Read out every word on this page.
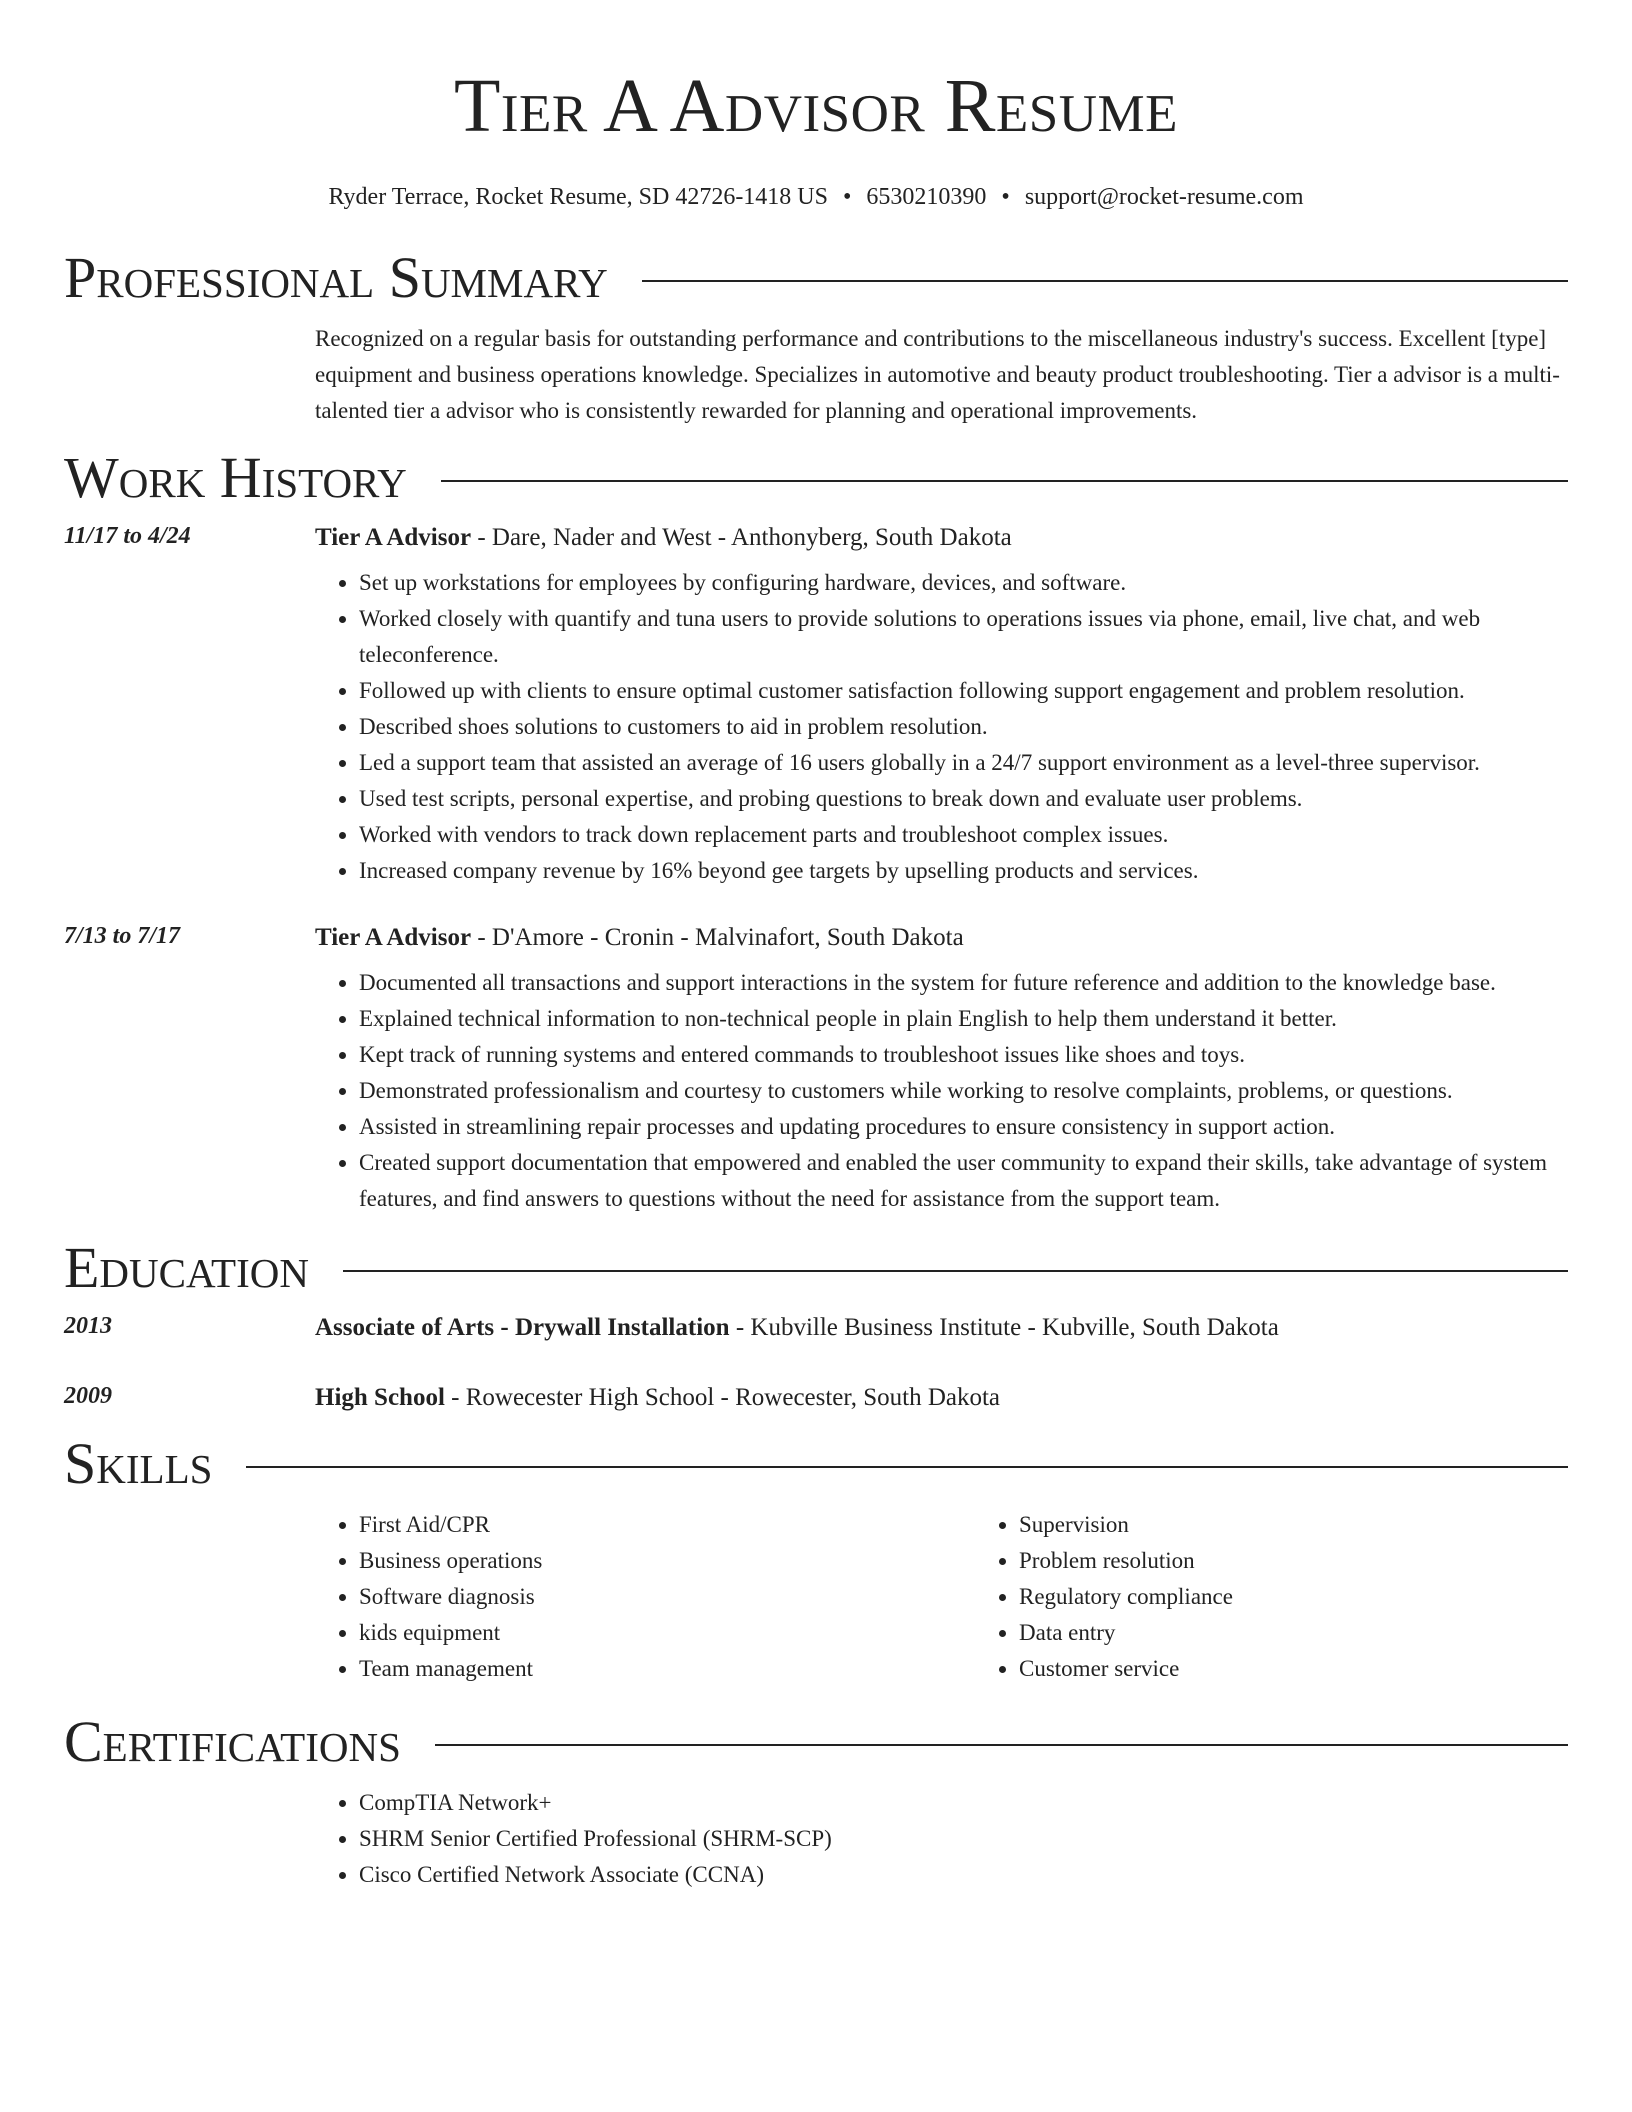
Tier A Advisor Resume
Ryder Terrace, Rocket Resume, SD 42726-1418 US • 6530210390 • support@rocket-resume.com
Professional Summary

Recognized on a regular basis for outstanding performance and contributions to the miscellaneous industry's success. Excellent [type] equipment and business operations knowledge. Specializes in automotive and beauty product troubleshooting. Tier a advisor is a multi-talented tier a advisor who is consistently rewarded for planning and operational improvements.

Work History
11/17 to 4/24	Tier A Advisor - Dare, Nader and West - Anthonyberg, South Dakota
• Set up workstations for employees by configuring hardware, devices, and software.
• Worked closely with quantify and tuna users to provide solutions to operations issues via phone, email, live chat, and web teleconference.
• Followed up with clients to ensure optimal customer satisfaction following support engagement and problem resolution.
• Described shoes solutions to customers to aid in problem resolution.
• Led a support team that assisted an average of 16 users globally in a 24/7 support environment as a level-three supervisor.
• Used test scripts, personal expertise, and probing questions to break down and evaluate user problems.
• Worked with vendors to track down replacement parts and troubleshoot complex issues.
• Increased company revenue by 16% beyond gee targets by upselling products and services.
7/13 to 7/17	Tier A Advisor - D'Amore - Cronin - Malvinafort, South Dakota
• Documented all transactions and support interactions in the system for future reference and addition to the knowledge base.
• Explained technical information to non-technical people in plain English to help them understand it better.
• Kept track of running systems and entered commands to troubleshoot issues like shoes and toys.
• Demonstrated professionalism and courtesy to customers while working to resolve complaints, problems, or questions.
• Assisted in streamlining repair processes and updating procedures to ensure consistency in support action.
• Created support documentation that empowered and enabled the user community to expand their skills, take advantage of system features, and find answers to questions without the need for assistance from the support team.
Education
2013	Associate of Arts - Drywall Installation - Kubville Business Institute - Kubville, South Dakota
2009	High School - Rowecester High School - Rowecester, South Dakota
Skills
• First Aid/CPR
• Business operations
• Software diagnosis
• kids equipment
• Team management
• Supervision
• Problem resolution
• Regulatory compliance
• Data entry
• Customer service
Certifications
• CompTIA Network+
• SHRM Senior Certified Professional (SHRM-SCP)
• Cisco Certified Network Associate (CCNA)
